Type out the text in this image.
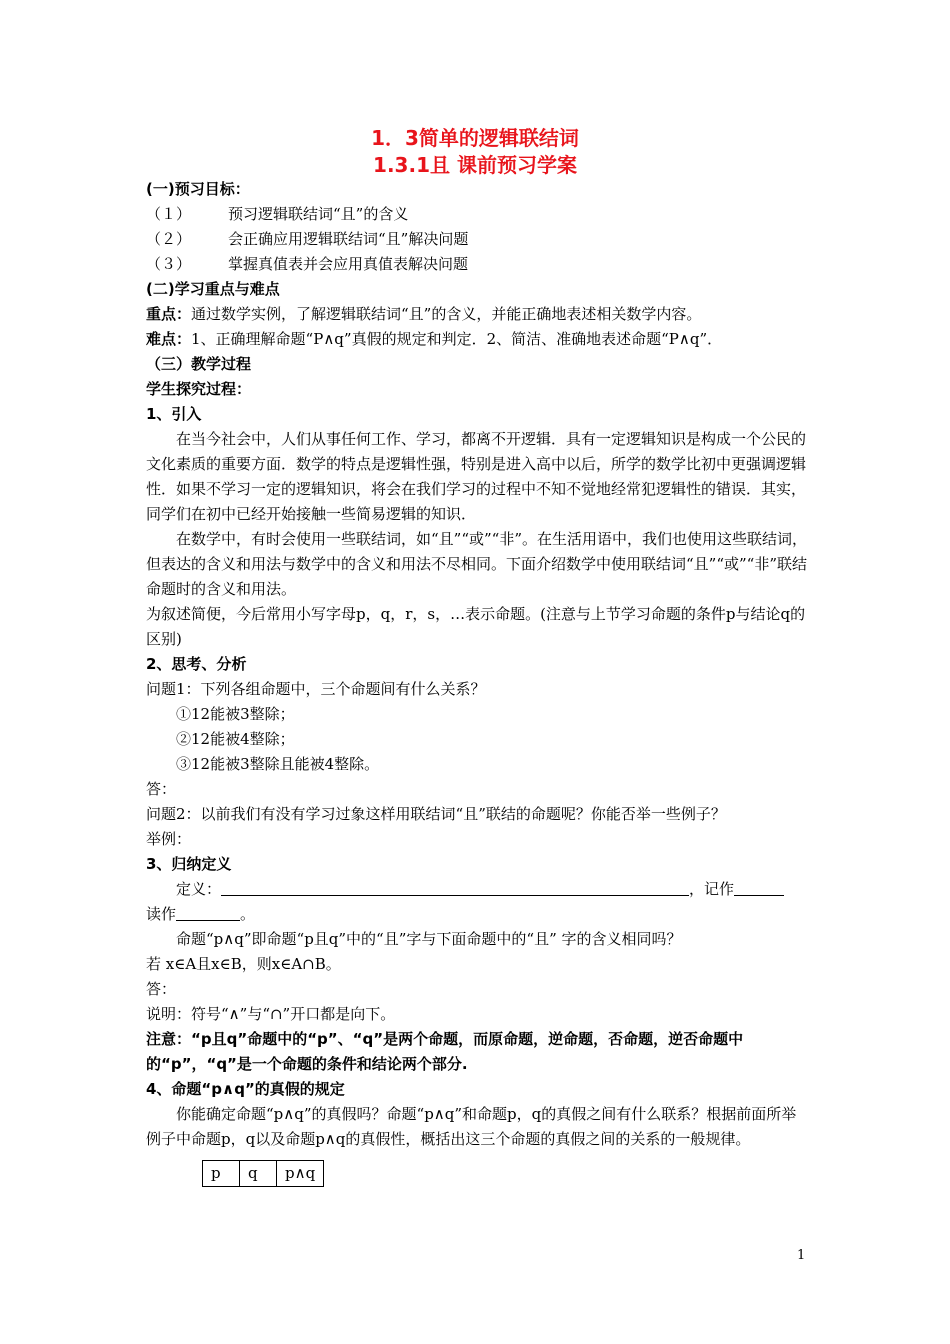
1．3简单的逻辑联结词
1.3.1且 课前预习学案

(一)预习目标：

（１） 预习逻辑联结词“且”的含义

（２） 会正确应用逻辑联结词“且”解决问题

（３） 掌握真值表并会应用真值表解决问题

(二)学习重点与难点

重点：通过数学实例，了解逻辑联结词“且”的含义，并能正确地表述相关数学内容。

难点：1、正确理解命题“P∧q”真假的规定和判定．2、简洁、准确地表述命题“P∧q”．

（三）教学过程

学生探究过程：

1、引入

在当今社会中，人们从事任何工作、学习，都离不开逻辑．具有一定逻辑知识是构成一个公民的文化素质的重要方面．数学的特点是逻辑性强，特别是进入高中以后，所学的数学比初中更强调逻辑性．如果不学习一定的逻辑知识，将会在我们学习的过程中不知不觉地经常犯逻辑性的错误．其实，同学们在初中已经开始接触一些简易逻辑的知识．

在数学中，有时会使用一些联结词，如“且”“或”“非”。在生活用语中，我们也使用这些联结词，但表达的含义和用法与数学中的含义和用法不尽相同。下面介绍数学中使用联结词“且”“或”“非”联结命题时的含义和用法。

为叙述简便，今后常用小写字母p，q，r，s，…表示命题。(注意与上节学习命题的条件p与结论q的区别)

2、思考、分析

问题1：下列各组命题中，三个命题间有什么关系？

①12能被3整除；

②12能被4整除；

③12能被3整除且能被4整除。

答：

问题2：以前我们有没有学习过象这样用联结词“且”联结的命题呢？你能否举一些例子？

举例：

3、归纳定义

定义：	，记作

读作	。

命题“p∧q”即命题“p且q”中的“且”字与下面命题中的“且” 字的含义相同吗？

若 x∈A且x∈B，则x∈A∩B。

答：

说明：符号“∧”与“∩”开口都是向下。

注意：“p且q”命题中的“p”、“q”是两个命题，而原命题，逆命题，否命题，逆否命题中的“p”，“q”是一个命题的条件和结论两个部分.

4、命题“p∧q”的真假的规定

你能确定命题“p∧q”的真假吗？命题“p∧q”和命题p，q的真假之间有什么联系？根据前面所举例子中命题p，q以及命题p∧q的真假性，概括出这三个命题的真假之间的关系的一般规律。

p	q	p∧q
1
